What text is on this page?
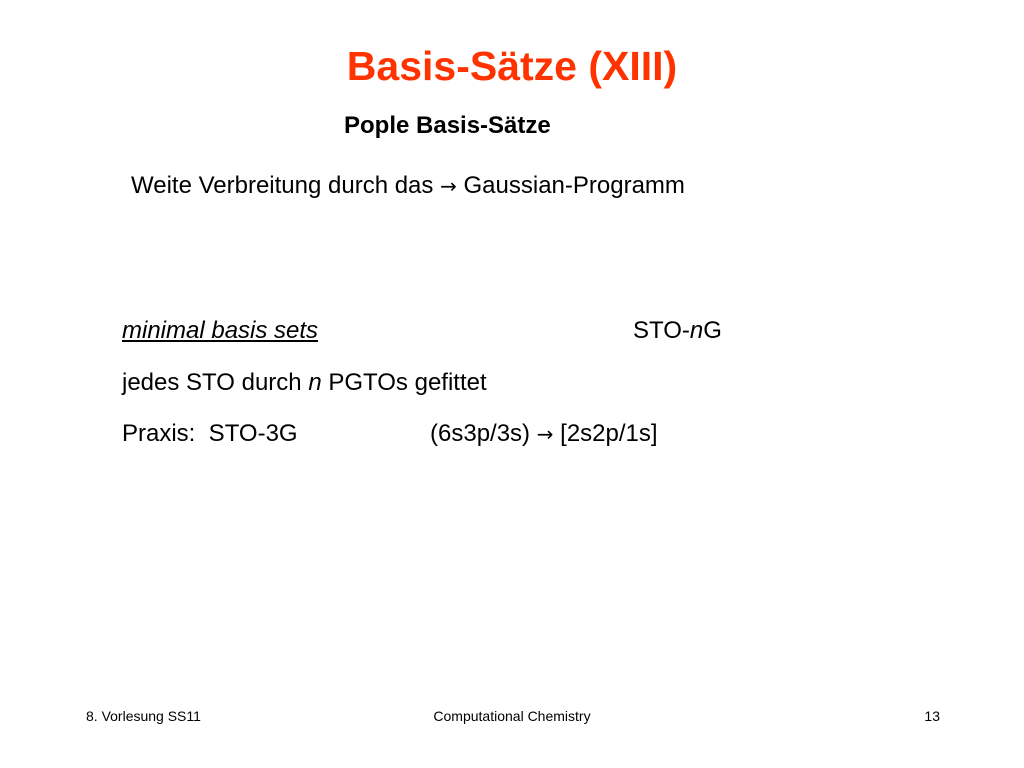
Basis-Sätze (XIII)
Pople Basis-Sätze
Weite Verbreitung durch das → Gaussian-Programm
minimal basis sets	STO-nG
jedes STO durch n PGTOs gefittet
Praxis:  STO-3G	(6s3p/3s) → [2s2p/1s]
8. Vorlesung SS11	Computational Chemistry	13
